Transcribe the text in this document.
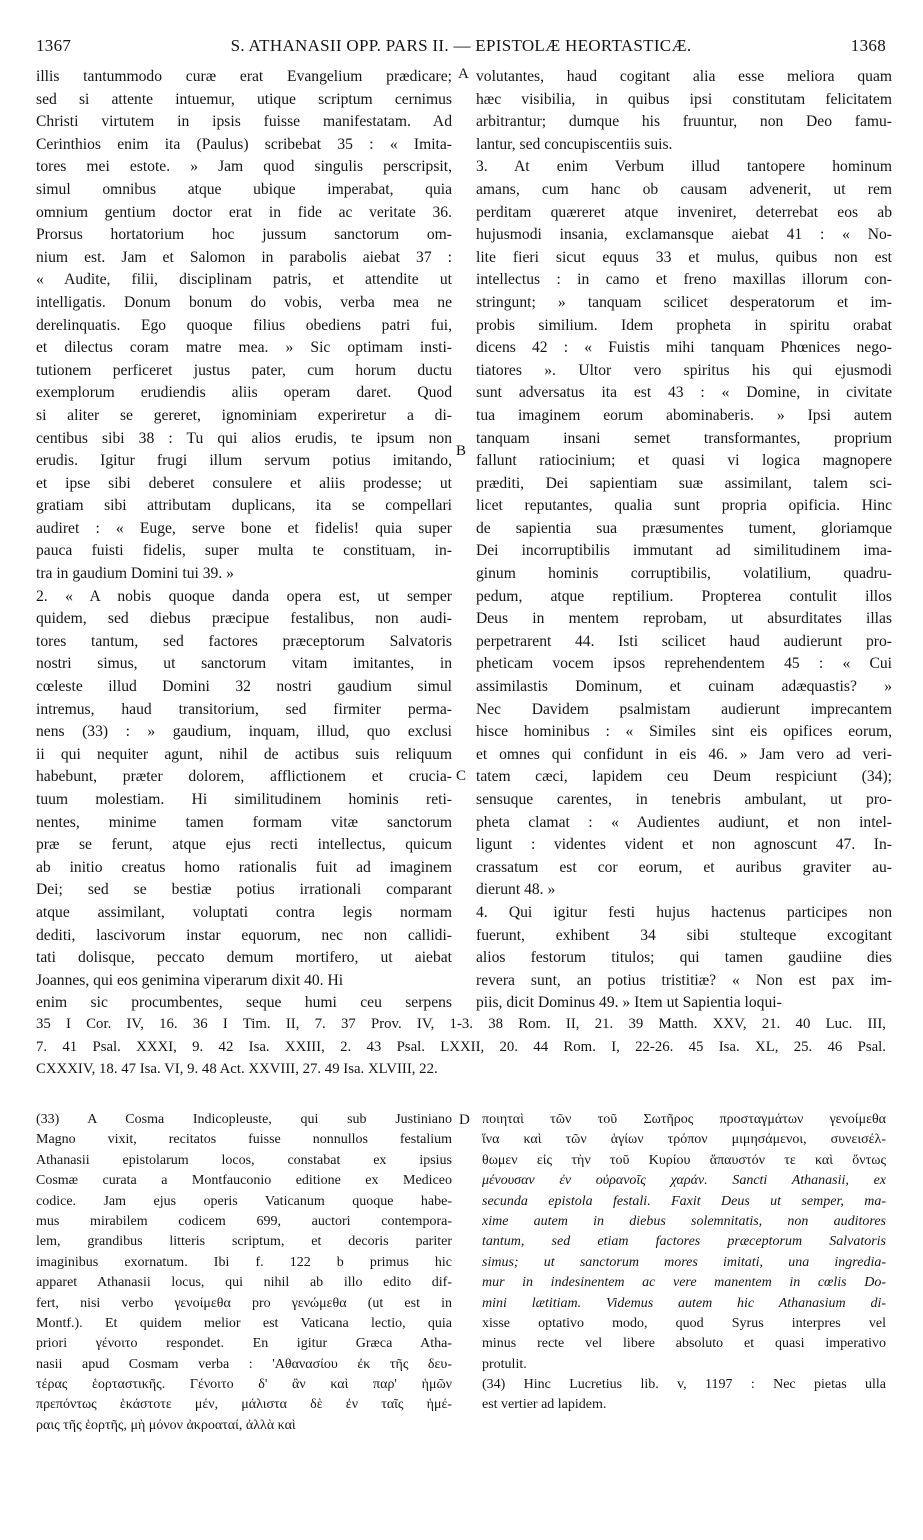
1367	S. ATHANASII OPP. PARS II. — EPISTOLÆ HEORTASTICÆ.	1368
A
B
C
D
illis tantummodo curæ erat Evangelium prædicare;
sed si attente intuemur, utique scriptum cernimus
Christi virtutem in ipsis fuisse manifestatam. Ad
Cerinthios enim ita (Paulus) scribebat 35 : « Imita-
tores mei estote. » Jam quod singulis perscripsit,
simul omnibus atque ubique imperabat, quia
omnium gentium doctor erat in fide ac veritate 36.
Prorsus hortatorium hoc jussum sanctorum om-
nium est. Jam et Salomon in parabolis aiebat 37 :
« Audite, filii, disciplinam patris, et attendite ut
intelligatis. Donum bonum do vobis, verba mea ne
derelinquatis. Ego quoque filius obediens patri fui,
et dilectus coram matre mea. » Sic optimam insti-
tutionem perficeret justus pater, cum horum ductu
exemplorum erudiendis aliis operam daret. Quod
si aliter se gereret, ignominiam experiretur a di-
centibus sibi 38 : Tu qui alios erudis, te ipsum non
erudis. Igitur frugi illum servum potius imitando,
et ipse sibi deberet consulere et aliis prodesse; ut
gratiam sibi attributam duplicans, ita se compellari
audiret : « Euge, serve bone et fidelis! quia super
pauca fuisti fidelis, super multa te constituam, in-
tra in gaudium Domini tui 39. »
2. « A nobis quoque danda opera est, ut semper
quidem, sed diebus præcipue festalibus, non audi-
tores tantum, sed factores præceptorum Salvatoris
nostri simus, ut sanctorum vitam imitantes, in
cœleste illud Domini 32 nostri gaudium simul
intremus, haud transitorium, sed firmiter perma-
nens (33) : » gaudium, inquam, illud, quo exclusi
ii qui nequiter agunt, nihil de actibus suis reliquum
habebunt, præter dolorem, afflictionem et crucia-
tuum molestiam. Hi similitudinem hominis reti-
nentes, minime tamen formam vitæ sanctorum
præ se ferunt, atque ejus recti intellectus, quicum
ab initio creatus homo rationalis fuit ad imaginem
Dei; sed se bestiæ potius irrationali comparant
atque assimilant, voluptati contra legis normam
dediti, lascivorum instar equorum, nec non callidi-
tati dolisque, peccato demum mortifero, ut aiebat
Joannes, qui eos genimina viperarum dixit 40. Hi
enim sic procumbentes, seque humi ceu serpens
volutantes, haud cogitant alia esse meliora quam
hæc visibilia, in quibus ipsi constitutam felicitatem
arbitrantur; dumque his fruuntur, non Deo famu-
lantur, sed concupiscentiis suis.
3. At enim Verbum illud tantopere hominum
amans, cum hanc ob causam advenerit, ut rem
perditam quæreret atque inveniret, deterrebat eos ab
hujusmodi insania, exclamansque aiebat 41 : « No-
lite fieri sicut equus 33 et mulus, quibus non est
intellectus : in camo et freno maxillas illorum con-
stringunt; » tanquam scilicet desperatorum et im-
probis similium. Idem propheta in spiritu orabat
dicens 42 : « Fuistis mihi tanquam Phœnices nego-
tiatores ». Ultor vero spiritus his qui ejusmodi
sunt adversatus ita est 43 : « Domine, in civitate
tua imaginem eorum abominaberis. » Ipsi autem
tanquam insani semet transformantes, proprium
fallunt ratiocinium; et quasi vi logica magnopere
præditi, Dei sapientiam suæ assimilant, talem sci-
licet reputantes, qualia sunt propria opificia. Hinc
de sapientia sua præsumentes tument, gloriamque
Dei incorruptibilis immutant ad similitudinem ima-
ginum hominis corruptibilis, volatilium, quadru-
pedum, atque reptilium. Propterea contulit illos
Deus in mentem reprobam, ut absurditates illas
perpetrarent 44. Isti scilicet haud audierunt pro-
pheticam vocem ipsos reprehendentem 45 : « Cui
assimilastis Dominum, et cuinam adæquastis? »
Nec Davidem psalmistam audierunt imprecantem
hisce hominibus : « Similes sint eis opifices eorum,
et omnes qui confidunt in eis 46. » Jam vero ad veri-
tatem cæci, lapidem ceu Deum respiciunt (34);
sensuque carentes, in tenebris ambulant, ut pro-
pheta clamat : « Audientes audiunt, et non intel-
ligunt : videntes vident et non agnoscunt 47. In-
crassatum est cor eorum, et auribus graviter au-
dierunt 48. »
4. Qui igitur festi hujus hactenus participes non
fuerunt, exhibent 34 sibi stulteque excogitant
alios festorum titulos; qui tamen gaudiine dies
revera sunt, an potius tristitiæ? « Non est pax im-
piis, dicit Dominus 49. » Item ut Sapientia loqui-
35 I Cor. IV, 16. 36 I Tim. II, 7. 37 Prov. IV, 1-3. 38 Rom. II, 21. 39 Matth. XXV, 21. 40 Luc. III,
7. 41 Psal. XXXI, 9. 42 Isa. XXIII, 2. 43 Psal. LXXII, 20. 44 Rom. I, 22-26. 45 Isa. XL, 25. 46 Psal.
CXXXIV, 18. 47 Isa. VI, 9. 48 Act. XXVIII, 27. 49 Isa. XLVIII, 22.
(33) A Cosma Indicopleuste, qui sub Justiniano
Magno vixit, recitatos fuisse nonnullos festalium
Athanasii epistolarum locos, constabat ex ipsius
Cosmæ curata a Montfauconio editione ex Mediceo
codice. Jam ejus operis Vaticanum quoque habe-
mus mirabilem codicem 699, auctori contemporа-
lem, grandibus litteris scriptum, et decoris pariter
imaginibus exornatum. Ibi f. 122 b primus hic
apparet Athanasii locus, qui nihil ab illo edito dif-
fert, nisi verbo γενοίμεθα pro γενώμεθα (ut est in
Montf.). Et quidem melior est Vaticana lectio, quia
priori γένοιτο respondet. En igitur Græca Atha-
nasii apud Cosmam verba : 'Αθανασίου ἐκ τῆς δευ-
τέρας ἑορταστικῆς. Γένοιτο δ' ἂν καὶ παρ' ἡμῶν
πρεπόντως ἑκάστοτε μέν, μάλιστα δὲ ἐν ταῖς ἡμέ-
ραις τῆς ἑορτῆς, μὴ μόνον ἀκροαταί, ἀλλὰ καὶ
ποιηταὶ τῶν τοῦ Σωτῆρος προσταγμάτων γενοίμεθα
ἵνα καὶ τῶν ἁγίων τρόπον μιμησάμενοι, συνεισέλ-
θωμεν εἰς τὴν τοῦ Κυρίου ἄπαυστόν τε καὶ ὄντως
μένουσαν ἐν οὐρανοῖς χαράν. Sancti Athanasii, ex
secunda epistola festali. Faxit Deus ut semper, ma-
xime autem in diebus solemnitatis, non auditores
tantum, sed etiam factores præceptorum Salvatoris
simus; ut sanctorum mores imitati, una ingredia-
mur in indesinentem ac vere manentem in cœlis Do-
mini lætitiam. Videmus autem hic Athanasium di-
xisse optativo modo, quod Syrus interpres vel
minus recte vel libere absoluto et quasi imperativo
protulit.
(34) Hinc Lucretius lib. v, 1197 : Nec pietas ulla
est vertier ad lapidem.
